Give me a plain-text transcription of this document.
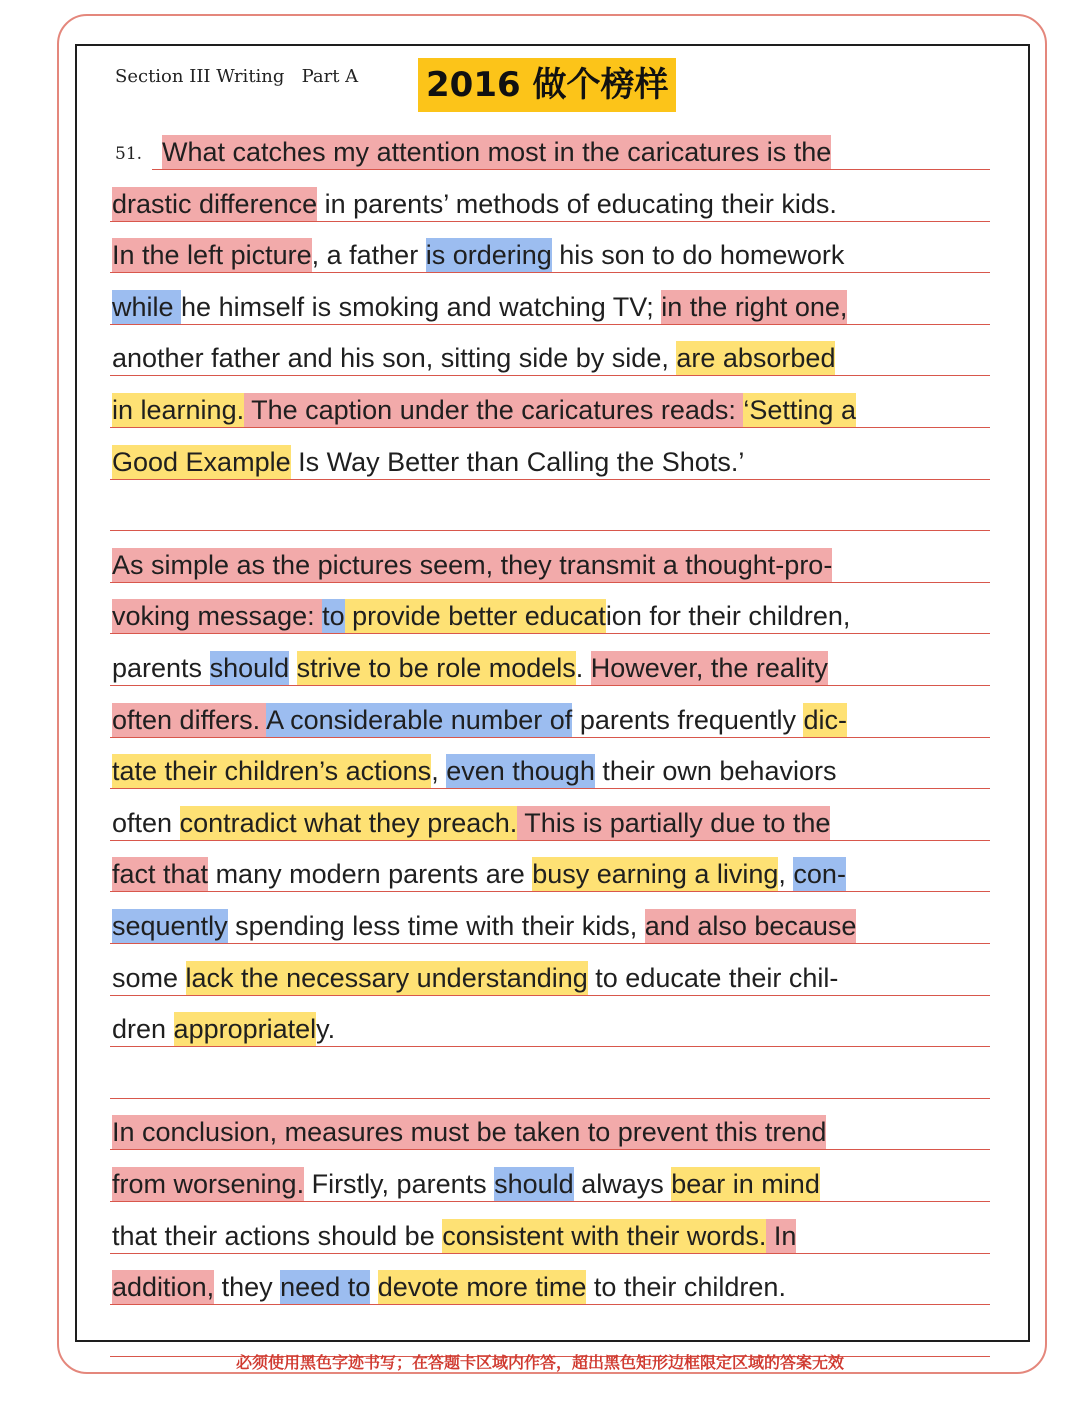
Section III Writing   Part A 2016 做个榜样
51. What catches my attention most in the caricatures is the
drastic difference in parents’ methods of educating their kids.
In the left picture, a father is ordering his son to do homework
while he himself is smoking and watching TV; in the right one,
another father and his son, sitting side by side, are absorbed
in learning. The caption under the caricatures reads: ‘Setting a
Good Example Is Way Better than Calling the Shots.’
As simple as the pictures seem, they transmit a thought-pro-
voking message: to provide better education for their children,
parents should strive to be role models. However, the reality
often differs. A considerable number of parents frequently dic-
tate their children’s actions, even though their own behaviors
often contradict what they preach. This is partially due to the
fact that many modern parents are busy earning a living, con-
sequently spending less time with their kids, and also because
some lack the necessary understanding to educate their chil-
dren appropriately.
In conclusion, measures must be taken to prevent this trend
from worsening. Firstly, parents should always bear in mind
that their actions should be consistent with their words. In
addition, they need to devote more time to their children.
必须使用黑色字迹书写；在答题卡区域内作答，超出黑色矩形边框限定区域的答案无效
